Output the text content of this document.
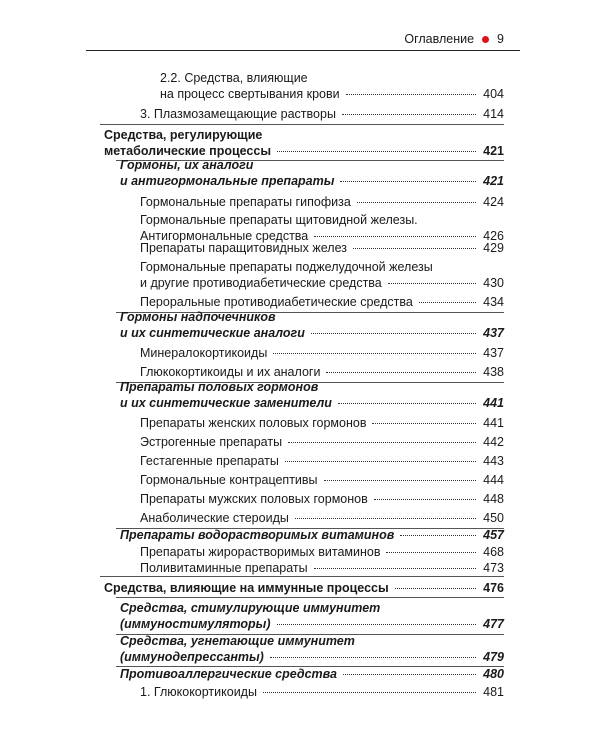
Оглавление 9
2.2. Средства, влияющие
на процесс свертывания крови	404
3. Плазмозамещающие растворы	414
Средства, регулирующие
метаболические процессы	421
Гормоны, их аналоги
и антигормональные препараты	421
Гормональные препараты гипофиза	424
Гормональные препараты щитовидной железы.
Антигормональные средства	426
Препараты паращитовидных желез	429
Гормональные препараты поджелудочной железы
и другие противодиабетические средства	430
Пероральные противодиабетические средства	434
Гормоны надпочечников
и их синтетические аналоги	437
Минералокортикоиды	437
Глюкокортикоиды и их аналоги	438
Препараты половых гормонов
и их синтетические заменители	441
Препараты женских половых гормонов	441
Эстрогенные препараты	442
Гестагенные препараты	443
Гормональные контрацептивы	444
Препараты мужских половых гормонов	448
Анаболические стероиды	450
Препараты водорастворимых витаминов	457
Препараты жирорастворимых витаминов	468
Поливитаминные препараты	473
Средства, влияющие на иммунные процессы	476
Средства, стимулирующие иммунитет
(иммуностимуляторы)	477
Средства, угнетающие иммунитет
(иммунодепрессанты)	479
Противоаллергические средства	480
1. Глюкокортикоиды	481
